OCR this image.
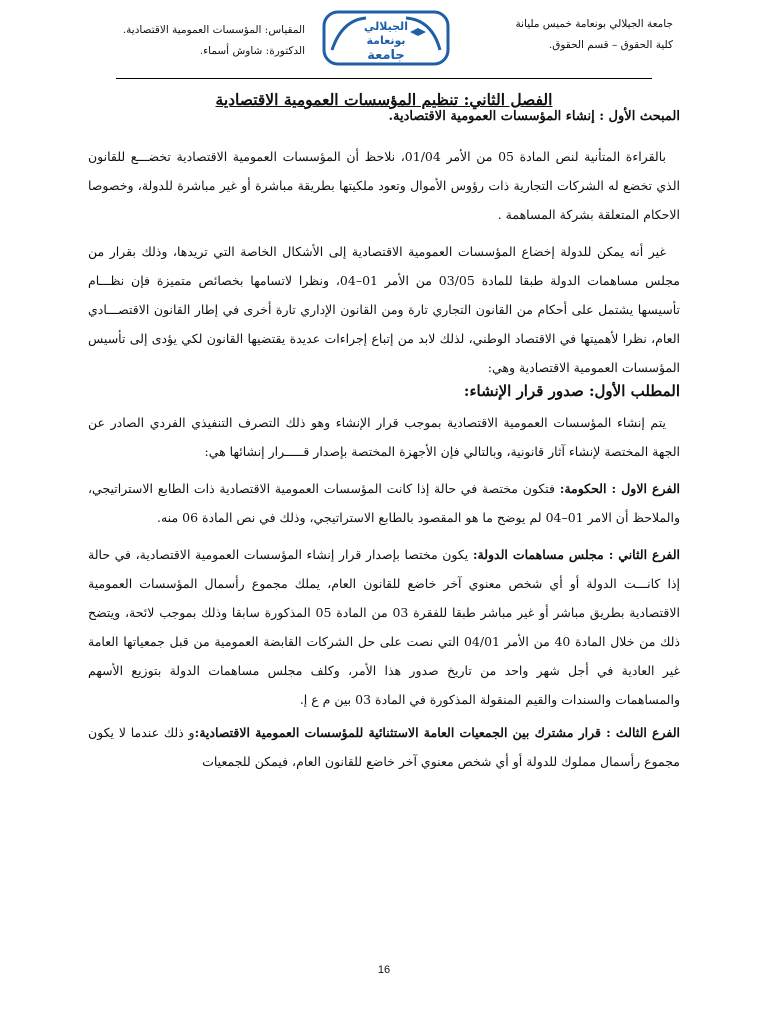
جامعة الجيلالي بونعامة خميس مليانة
كلية الحقوق – قسم الحقوق.
الجيلالي
بونعامة
جامعة
المقياس: المؤسسات العمومية الاقتصادية.
الدكتورة: شاوش أسماء.

الفصل الثاني: تنظيم المؤسسات العمومية الاقتصادية

المبحث الأول : إنشاء المؤسسات العمومية الاقتصادية.

بالقراءة المتأنية لنص المادة 05 من الأمر 01/04، نلاحظ أن المؤسسات العمومية الاقتصادية تخضـــع للقانون الذي تخضع له الشركات التجارية ذات رؤوس الأموال وتعود ملكيتها بطريقة مباشرة أو غير مباشرة للدولة، وخصوصا الاحكام المتعلقة بشركة المساهمة .

غير أنه يمكن للدولة إخضاع المؤسسات العمومية الاقتصادية إلى الأشكال الخاصة التي تريدها، وذلك بقرار من مجلس مساهمات الدولة طبقا للمادة 03/05 من الأمر 01–04، ونظرا لاتسامها بخصائص متميزة فإن نظـــام تأسيسها يشتمل على أحكام من القانون التجاري تارة ومن القانون الإداري تارة أخرى في إطار القانون الاقتصـــادي العام، نظرا لأهميتها في الاقتصاد الوطني، لذلك لابد من إتباع إجراءات عديدة يقتضيها القانون لكي يؤدى إلى تأسيس المؤسسات العمومية الاقتصادية وهي:

المطلب الأول: صدور قرار الإنشاء:

يتم إنشاء المؤسسات العمومية الاقتصادية بموجب قرار الإنشاء وهو ذلك التصرف التنفيذي الفردي الصادر عن الجهة المختصة لإنشاء آثار قانونية، وبالتالي فإن الأجهزة المختصة بإصدار قـــــرار إنشائها هي:

الفرع الاول : الحكومة: فتكون مختصة في حالة إذا كانت المؤسسات العمومية الاقتصادية ذات الطابع الاستراتيجي، والملاحظ أن الامر 01–04 لم يوضح ما هو المقصود بالطابع الاستراتيجي، وذلك في نص المادة 06 منه.

الفرع الثاني : مجلس مساهمات الدولة: يكون مختصا بإصدار قرار إنشاء المؤسسات العمومية الاقتصادية، في حالة إذا كانـــت الدولة أو أي شخص معنوي آخر خاضع للقانون العام، يملك مجموع رأسمال المؤسسات العمومية الاقتصادية بطريق مباشر أو غير مباشر طبقا للفقرة 03 من المادة 05 المذكورة سابقا وذلك بموجب لائحة، ويتضح ذلك من خلال المادة 40 من الأمر 04/01 التي نصت على حل الشركات القابضة العمومية من قبل جمعياتها العامة غير العادية في أجل شهر واحد من تاريخ صدور هذا الأمر، وكلف مجلس مساهمات الدولة بتوزيع الأسهم والمساهمات والسندات والقيم المنقولة المذكورة في المادة 03 بين م ع إ.

الفرع الثالث : قرار مشترك بين الجمعيات العامة الاستثنائية للمؤسسات العمومية الاقتصادية:و ذلك عندما لا يكون مجموع رأسمال مملوك للدولة أو أي شخص معنوي آخر خاضع للقانون العام، فيمكن للجمعيات

16
